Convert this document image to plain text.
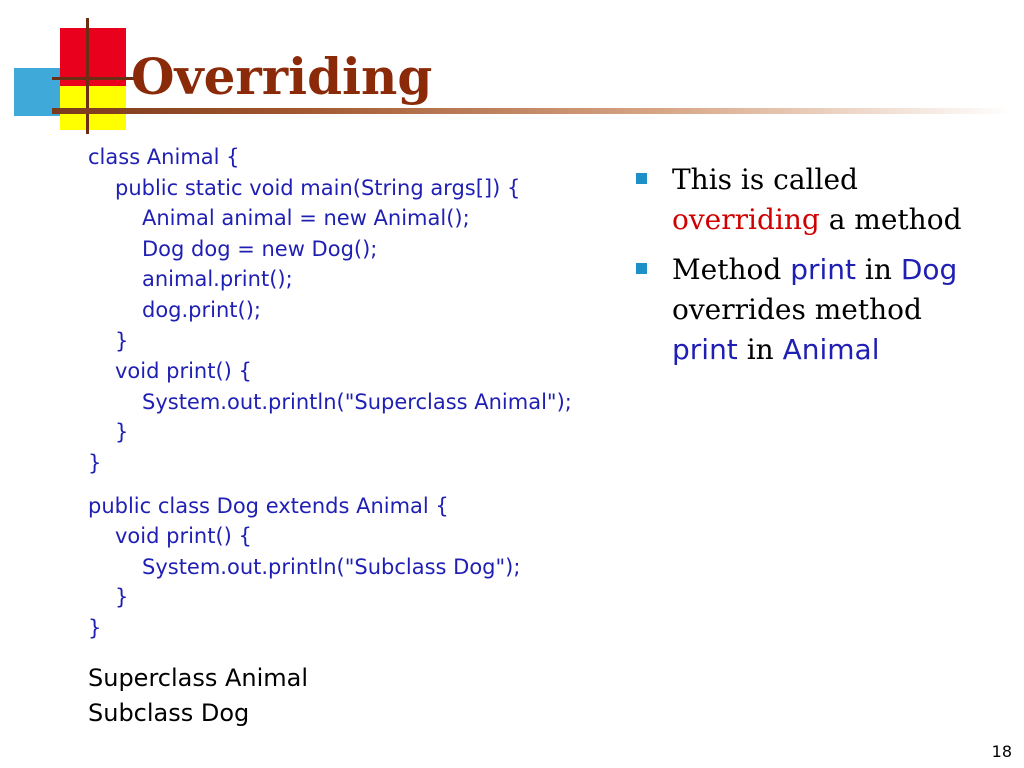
Overriding
class Animal {
public static void main(String args[]) {
Animal animal = new Animal();
Dog dog = new Dog();
animal.print();
dog.print();
}
void print() {
System.out.println("Superclass Animal");
}
}
public class Dog extends Animal {
void print() {
System.out.println("Subclass Dog");
}
}
Superclass Animal
Subclass Dog
This is called
overriding a method
Method print in Dog
overrides method
print in Animal
18
